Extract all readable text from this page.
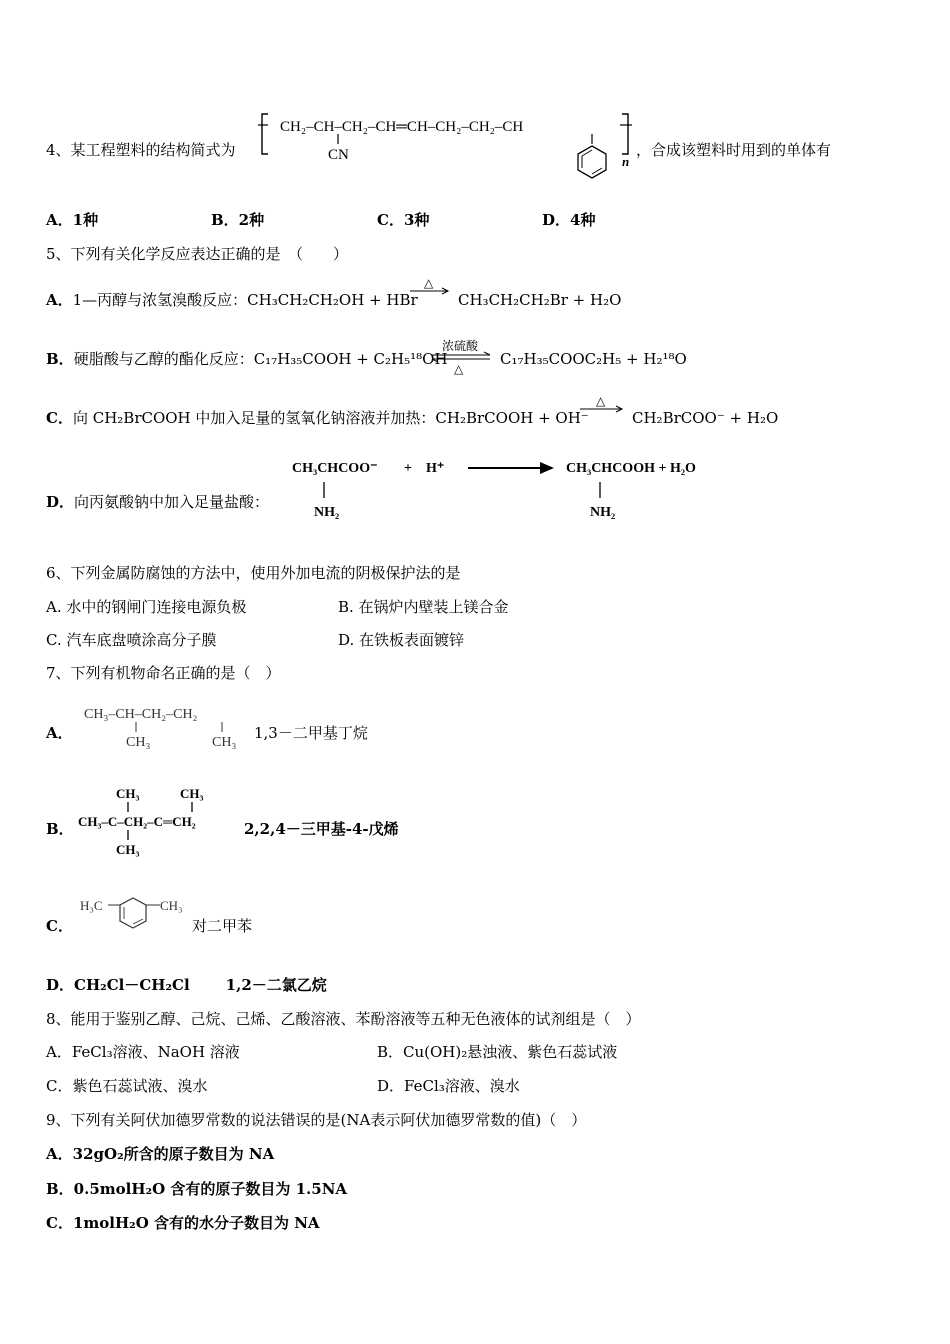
4、某工程塑料的结构简式为
CH₂–CH–CH₂–CH═CH–CH₂–CH₂–CH
CN	n
，合成该塑料时用到的单体有
A．1种	B．2种	C．3种	D．4种
5、下列有关化学反应表达正确的是　（　　）
A．1—丙醇与浓氢溴酸反应：CH₃CH₂CH₂OH + HBr
△
CH₃CH₂CH₂Br + H₂O
B．硬脂酸与乙醇的酯化反应：C₁₇H₃₅COOH + C₂H₅¹⁸OH
浓硫酸
△
C₁₇H₃₅COOC₂H₅ + H₂¹⁸O
C．向 CH₂BrCOOH 中加入足量的氢氧化钠溶液并加热：CH₂BrCOOH + OH⁻
△
CH₂BrCOO⁻ + H₂O
D．向丙氨酸钠中加入足量盐酸：
CH₃CHCOO⁻ + H⁺
NH₂
CH₃CHCOOH + H₂O
NH₂
6、下列金属防腐蚀的方法中，使用外加电流的阴极保护法的是
A. 水中的钢闸门连接电源负极	B. 在锅炉内壁装上镁合金
C. 汽车底盘喷涂高分子膜	D. 在铁板表面镀锌
7、下列有机物命名正确的是（　）
A．
CH₃–CH–CH₂–CH₂
CH₃	CH₃
1,3－二甲基丁烷
B．
CH₃
CH₃–C–CH₂–C═CH₂
CH₃
CH₃
2,2,4－三甲基-4-戊烯
C．
H₃C	CH₃
对二甲苯
D．CH₂Cl－CH₂Cl 1,2－二氯乙烷
8、能用于鉴别乙醇、己烷、己烯、乙酸溶液、苯酚溶液等五种无色液体的试剂组是（　）
A．FeCl₃溶液、NaOH 溶液	B．Cu(OH)₂悬浊液、紫色石蕊试液
C．紫色石蕊试液、溴水	D．FeCl₃溶液、溴水
9、下列有关阿伏加德罗常数的说法错误的是(NA表示阿伏加德罗常数的值)（　）
A．32gO₂所含的原子数目为 NA
B．0.5molH₂O 含有的原子数目为 1.5NA
C．1molH₂O 含有的水分子数目为 NA
